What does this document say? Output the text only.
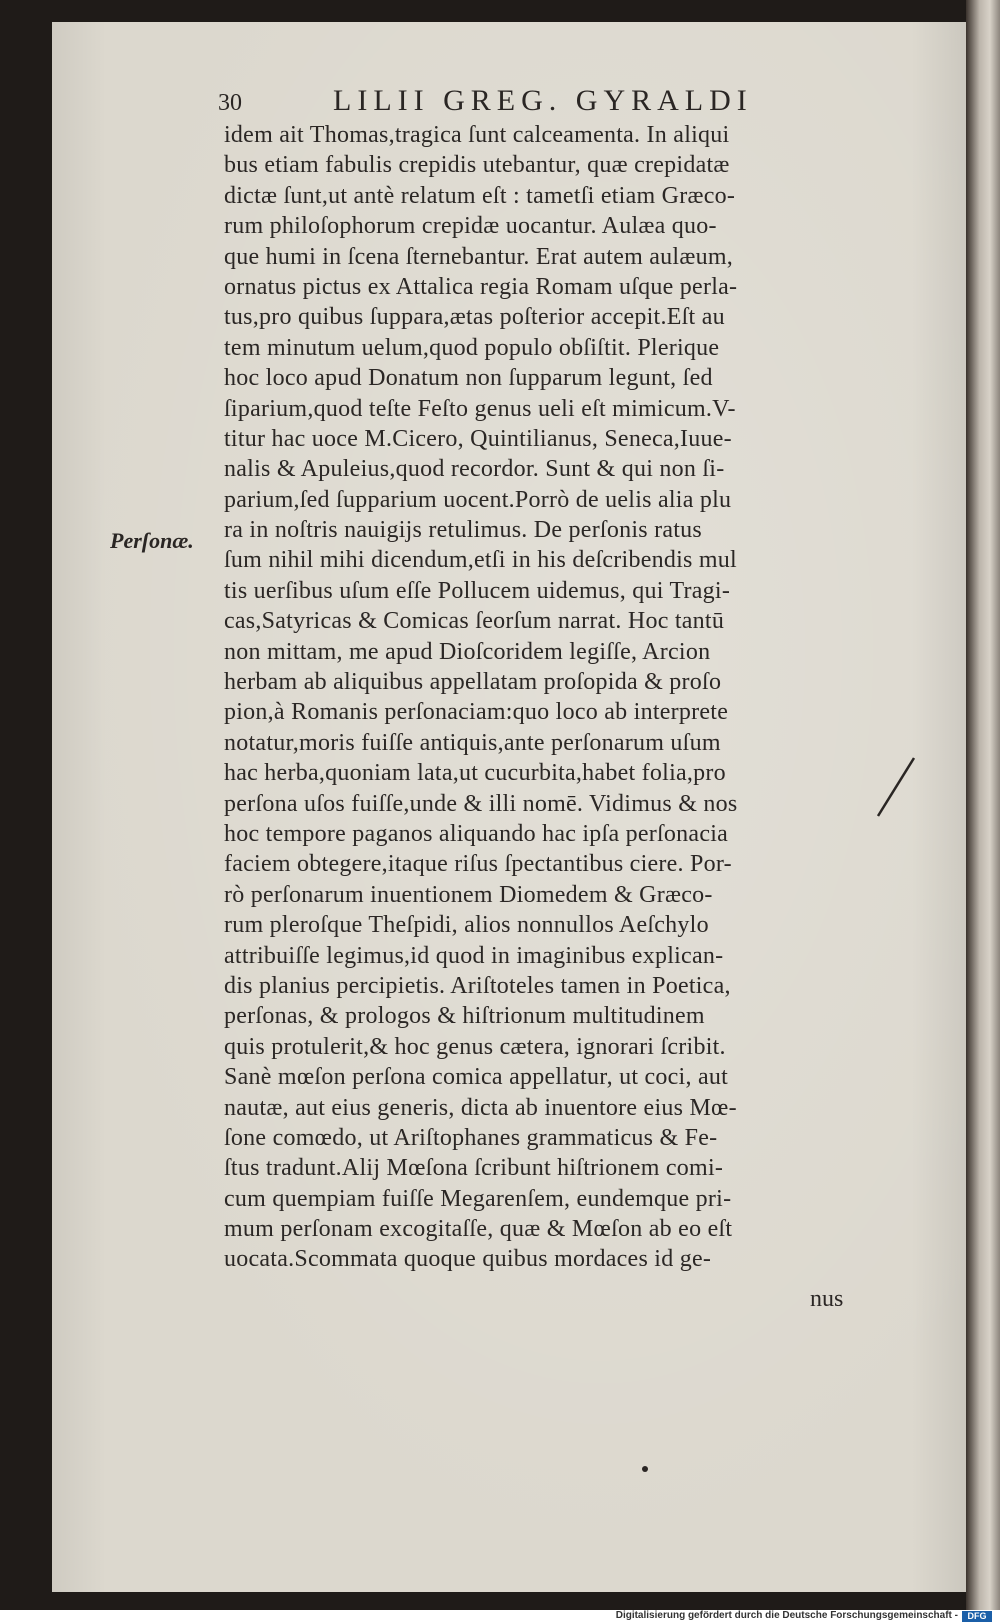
30	LILII GREG. GYRALDI
Perſonæ.
idem ait Thomas,tragica ſunt calceamenta. In aliqui
bus etiam fabulis crepidis utebantur, quæ crepidatæ
dictæ ſunt,ut antè relatum eſt : tametſi etiam Græco-
rum philoſophorum crepidæ uocantur. Aulæa quo-
que humi in ſcena ſternebantur. Erat autem aulæum,
ornatus pictus ex Attalica regia Romam uſque perla-
tus,pro quibus ſuppara,ætas poſterior accepit.Eſt au
tem minutum uelum,quod populo obſiſtit. Plerique
hoc loco apud Donatum non ſupparum legunt, ſed
ſiparium,quod teſte Feſto genus ueli eſt mimicum.V-
titur hac uoce M.Cicero, Quintilianus, Seneca,Iuue-
nalis & Apuleius,quod recordor. Sunt & qui non ſi-
parium,ſed ſupparium uocent.Porrò de uelis alia plu
ra in noſtris nauigijs retulimus. De perſonis ratus
ſum nihil mihi dicendum,etſi in his deſcribendis mul
tis uerſibus uſum eſſe Pollucem uidemus, qui Tragi-
cas,Satyricas & Comicas ſeorſum narrat. Hoc tantū
non mittam, me apud Dioſcoridem legiſſe, Arcion
herbam ab aliquibus appellatam proſopida & proſo
pion,à Romanis perſonaciam:quo loco ab interprete
notatur,moris fuiſſe antiquis,ante perſonarum uſum
hac herba,quoniam lata,ut cucurbita,habet folia,pro
perſona uſos fuiſſe,unde & illi nomē. Vidimus & nos
hoc tempore paganos aliquando hac ipſa perſonacia
faciem obtegere,itaque riſus ſpectantibus ciere. Por-
rò perſonarum inuentionem Diomedem & Græco-
rum pleroſque Theſpidi, alios nonnullos Aeſchylo
attribuiſſe legimus,id quod in imaginibus explican-
dis planius percipietis. Ariſtoteles tamen in Poetica,
perſonas, & prologos & hiſtrionum multitudinem
quis protulerit,& hoc genus cætera, ignorari ſcribit.
Sanè mœſon perſona comica appellatur, ut coci, aut
nautæ, aut eius generis, dicta ab inuentore eius Mœ-
ſone comœdo, ut Ariſtophanes grammaticus & Fe-
ſtus tradunt.Alij Mœſona ſcribunt hiſtrionem comi-
cum quempiam fuiſſe Megarenſem, eundemque pri-
mum perſonam excogitaſſe, quæ & Mœſon ab eo eſt
uocata.Scommata quoque quibus mordaces id ge-
nus
Digitalisierung gefördert durch die Deutsche Forschungsgemeinschaft -	DFG
